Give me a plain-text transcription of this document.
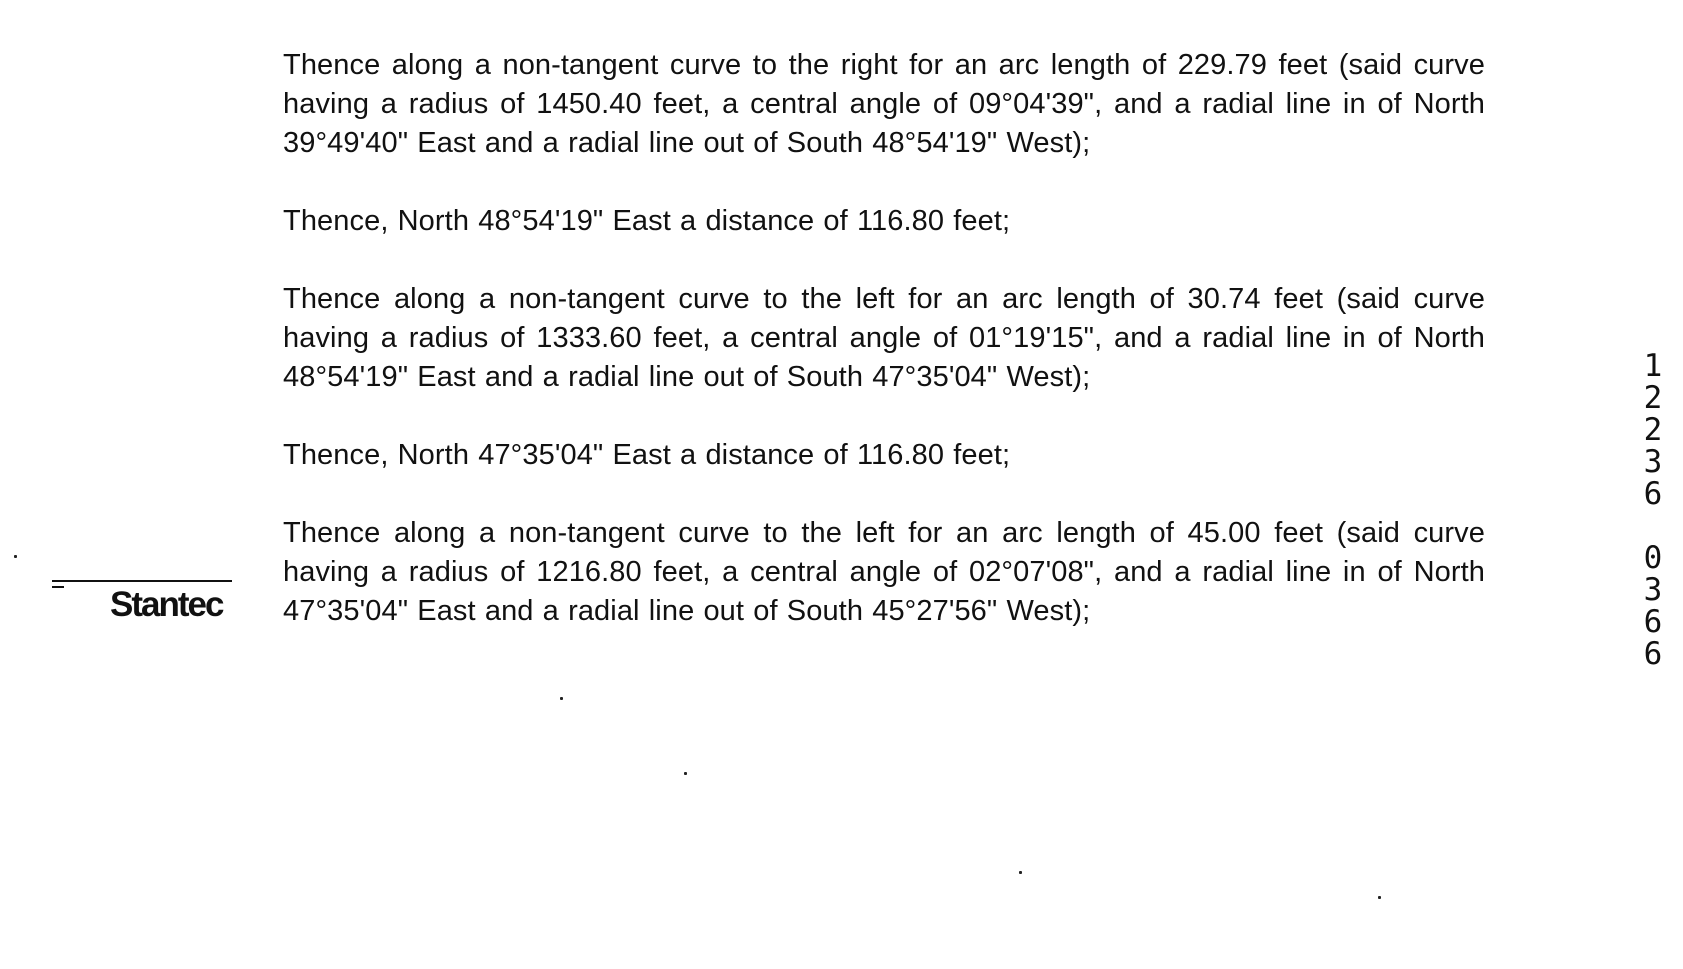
Thence along a non-tangent curve to the right for an arc length of 229.79 feet (said curve having a radius of 1450.40 feet, a central angle of 09°04'39", and a radial line in of North 39°49'40" East and a radial line out of South 48°54'19" West);

Thence, North 48°54'19" East a distance of 116.80 feet;

Thence along a non-tangent curve to the left for an arc length of 30.74 feet (said curve having a radius of 1333.60 feet, a central angle of 01°19'15", and a radial line in of North 48°54'19" East and a radial line out of South 47°35'04" West);

Thence, North 47°35'04" East a distance of 116.80 feet;

Thence along a non-tangent curve to the left for an arc length of 45.00 feet (said curve having a radius of 1216.80 feet, a central angle of 02°07'08", and a radial line in of North 47°35'04" East and a radial line out of South 45°27'56" West);

Stantec
1
2
2
3
6
0
3
6
6
